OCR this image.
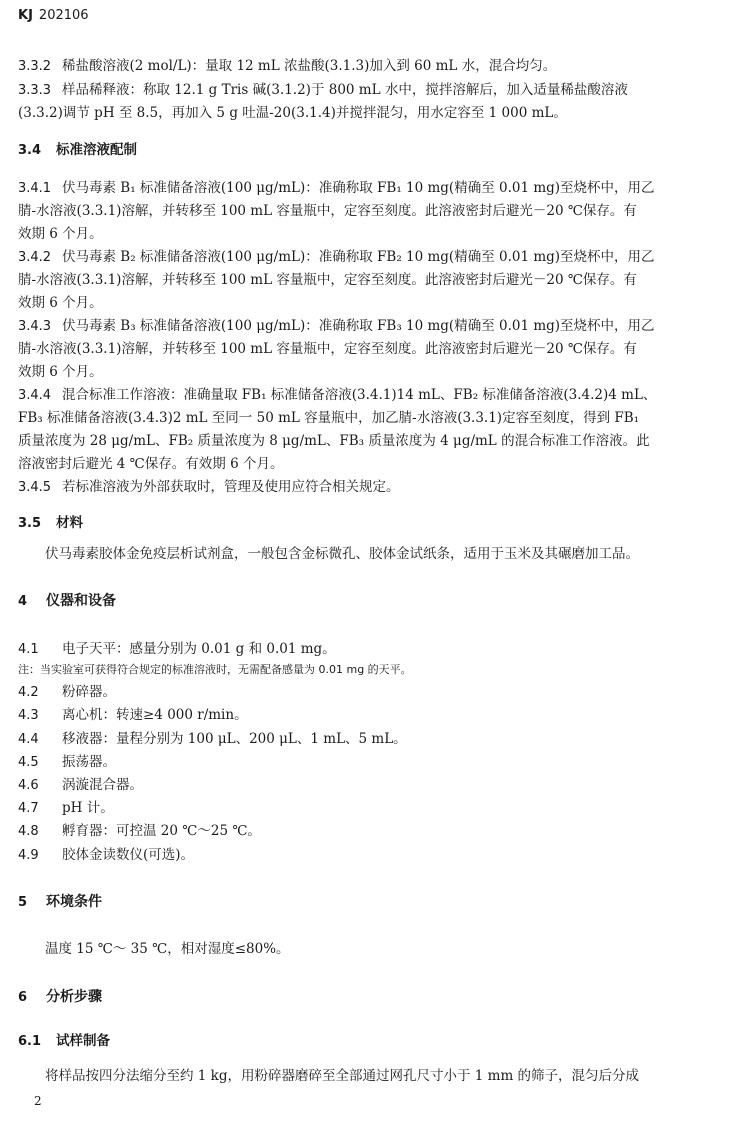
KJ 202106
3.3.2 稀盐酸溶液(2 mol/L)：量取 12 mL 浓盐酸(3.1.3)加入到 60 mL 水，混合均匀。
3.3.3 样品稀释液：称取 12.1 g Tris 碱(3.1.2)于 800 mL 水中，搅拌溶解后，加入适量稀盐酸溶液
(3.3.2)调节 pH 至 8.5，再加入 5 g 吐温-20(3.1.4)并搅拌混匀，用水定容至 1 000 mL。
3.4 标准溶液配制
3.4.1 伏马毒素 B₁ 标准储备溶液(100 μg/mL)：准确称取 FB₁ 10 mg(精确至 0.01 mg)至烧杯中，用乙
腈-水溶液(3.3.1)溶解，并转移至 100 mL 容量瓶中，定容至刻度。此溶液密封后避光－20 ℃保存。有
效期 6 个月。
3.4.2 伏马毒素 B₂ 标准储备溶液(100 μg/mL)：准确称取 FB₂ 10 mg(精确至 0.01 mg)至烧杯中，用乙
腈-水溶液(3.3.1)溶解，并转移至 100 mL 容量瓶中，定容至刻度。此溶液密封后避光－20 ℃保存。有
效期 6 个月。
3.4.3 伏马毒素 B₃ 标准储备溶液(100 μg/mL)：准确称取 FB₃ 10 mg(精确至 0.01 mg)至烧杯中，用乙
腈-水溶液(3.3.1)溶解，并转移至 100 mL 容量瓶中，定容至刻度。此溶液密封后避光－20 ℃保存。有
效期 6 个月。
3.4.4 混合标准工作溶液：准确量取 FB₁ 标准储备溶液(3.4.1)14 mL、FB₂ 标准储备溶液(3.4.2)4 mL、
FB₃ 标准储备溶液(3.4.3)2 mL 至同一 50 mL 容量瓶中，加乙腈-水溶液(3.3.1)定容至刻度，得到 FB₁
质量浓度为 28 μg/mL、FB₂ 质量浓度为 8 μg/mL、FB₃ 质量浓度为 4 μg/mL 的混合标准工作溶液。此
溶液密封后避光 4 ℃保存。有效期 6 个月。
3.4.5 若标准溶液为外部获取时，管理及使用应符合相关规定。
3.5 材料
　　伏马毒素胶体金免疫层析试剂盒，一般包含金标微孔、胶体金试纸条，适用于玉米及其碾磨加工品。
4 仪器和设备
4.1 电子天平：感量分别为 0.01 g 和 0.01 mg。
注：当实验室可获得符合规定的标准溶液时，无需配备感量为 0.01 mg 的天平。
4.2 粉碎器。
4.3 离心机：转速≥4 000 r/min。
4.4 移液器：量程分别为 100 μL、200 μL、1 mL、5 mL。
4.5 振荡器。
4.6 涡漩混合器。
4.7 pH 计。
4.8 孵育器：可控温 20 ℃～25 ℃。
4.9 胶体金读数仪(可选)。
5 环境条件
　　温度 15 ℃～ 35 ℃，相对湿度≤80%。
6 分析步骤
6.1 试样制备
　　将样品按四分法缩分至约 1 kg，用粉碎器磨碎至全部通过网孔尺寸小于 1 mm 的筛子，混匀后分成
2
